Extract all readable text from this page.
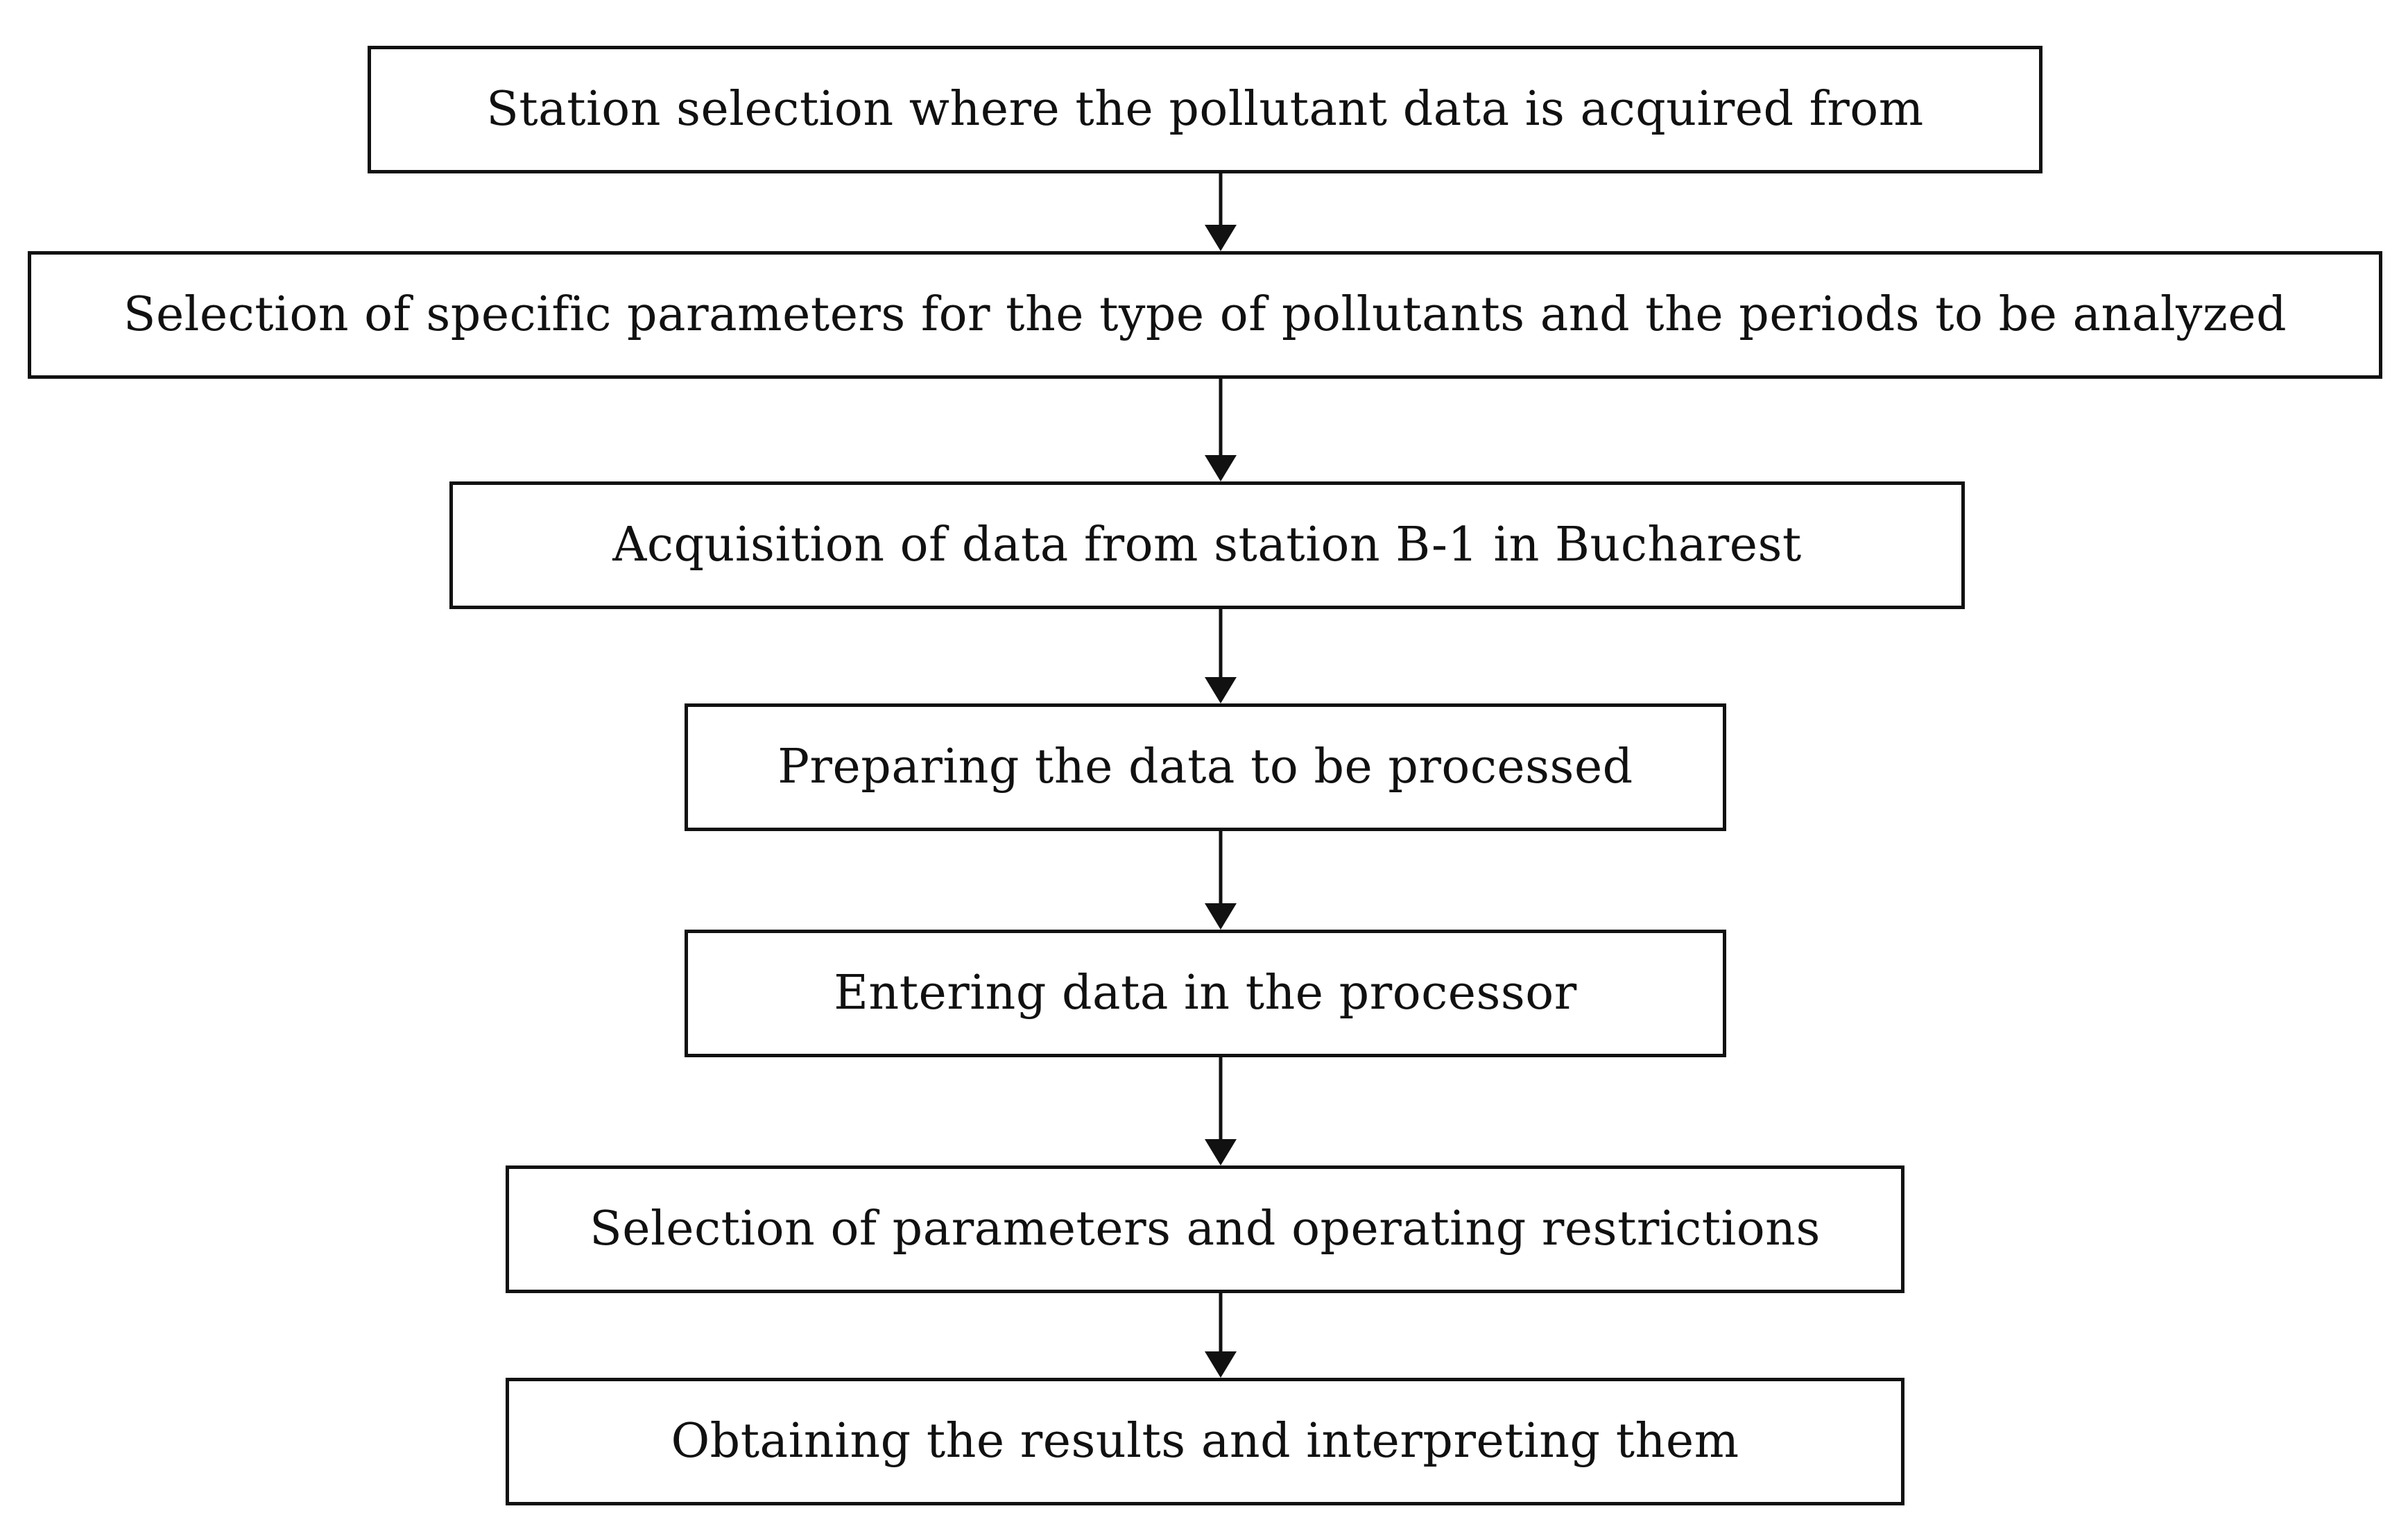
Station selection where the pollutant data is acquired from
Selection of specific parameters for the type of pollutants and the periods to be analyzed
Acquisition of data from station B-1 in Bucharest
Preparing the data to be processed
Entering data in the processor
Selection of parameters and operating restrictions
Obtaining the results and interpreting them
